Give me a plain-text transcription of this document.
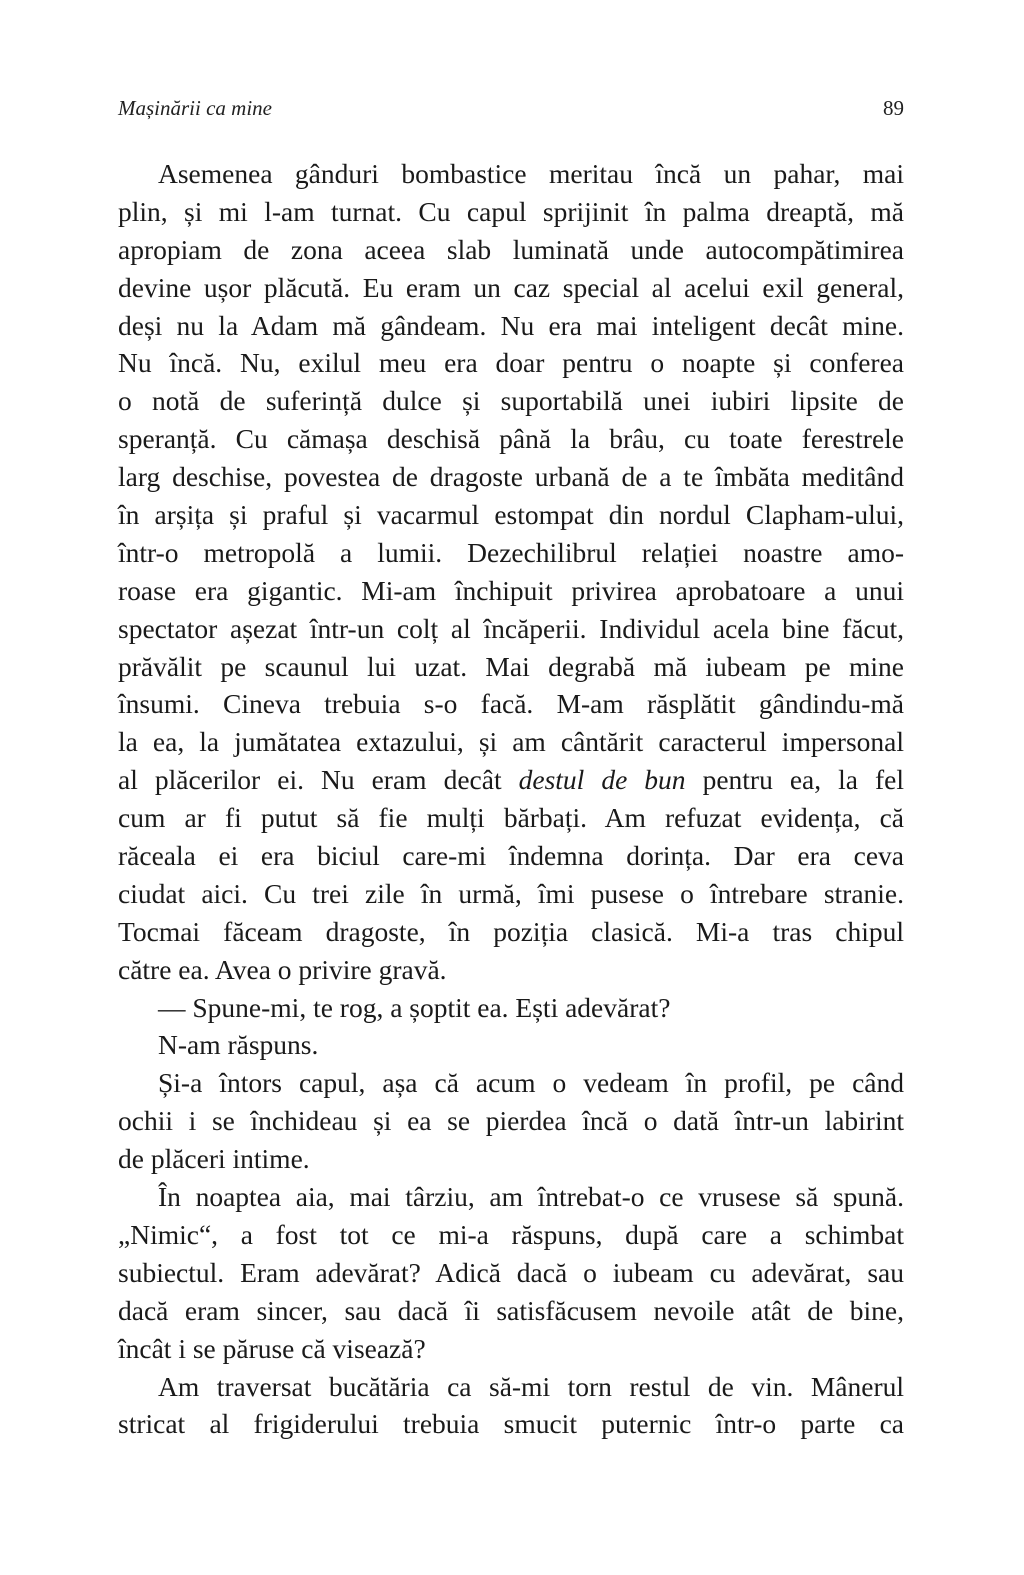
Mașinării ca mine	89
Asemenea gânduri bombastice meritau încă un pahar, mai
plin, și mi l-am turnat. Cu capul sprijinit în palma dreaptă, mă
apropiam de zona aceea slab luminată unde autocompătimirea
devine ușor plăcută. Eu eram un caz special al acelui exil general,
deși nu la Adam mă gândeam. Nu era mai inteligent decât mine.
Nu încă. Nu, exilul meu era doar pentru o noapte și conferea
o notă de suferință dulce și suportabilă unei iubiri lipsite de
speranță. Cu cămașa deschisă până la brâu, cu toate ferestrele
larg deschise, povestea de dragoste urbană de a te îmbăta meditând
în arșița și praful și vacarmul estompat din nordul Clapham-ului,
într-o metropolă a lumii. Dezechilibrul relației noastre amo-
roase era gigantic. Mi-am închipuit privirea aprobatoare a unui
spectator așezat într-un colț al încăperii. Individul acela bine făcut,
prăvălit pe scaunul lui uzat. Mai degrabă mă iubeam pe mine
însumi. Cineva trebuia s-o facă. M-am răsplătit gândindu-mă
la ea, la jumătatea extazului, și am cântărit caracterul impersonal
al plăcerilor ei. Nu eram decât destul de bun pentru ea, la fel
cum ar fi putut să fie mulți bărbați. Am refuzat evidența, că
răceala ei era biciul care-mi îndemna dorința. Dar era ceva
ciudat aici. Cu trei zile în urmă, îmi pusese o întrebare stranie.
Tocmai făceam dragoste, în poziția clasică. Mi-a tras chipul
către ea. Avea o privire gravă.
— Spune-mi, te rog, a șoptit ea. Ești adevărat?
N-am răspuns.
Și-a întors capul, așa că acum o vedeam în profil, pe când
ochii i se închideau și ea se pierdea încă o dată într-un labirint
de plăceri intime.
În noaptea aia, mai târziu, am întrebat-o ce vrusese să spună.
„Nimic“, a fost tot ce mi-a răspuns, după care a schimbat
subiectul. Eram adevărat? Adică dacă o iubeam cu adevărat, sau
dacă eram sincer, sau dacă îi satisfăcusem nevoile atât de bine,
încât i se păruse că visează?
Am traversat bucătăria ca să-mi torn restul de vin. Mânerul
stricat al frigiderului trebuia smucit puternic într-o parte ca
